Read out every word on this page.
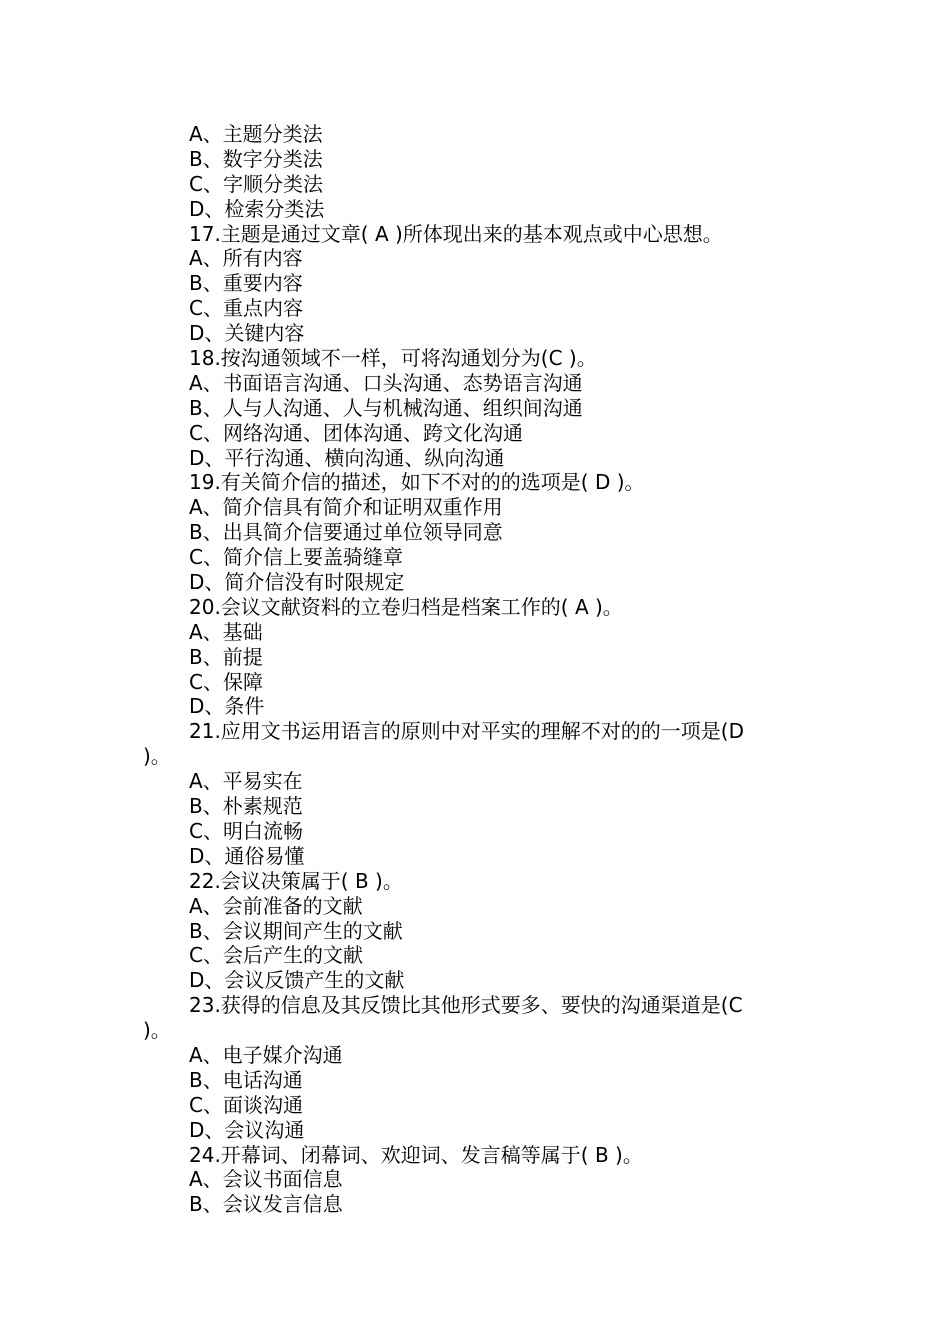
A、主题分类法
B、数字分类法
C、字顺分类法
D、检索分类法
17.主题是通过文章( A )所体现出来的基本观点或中心思想。
A、所有内容
B、重要内容
C、重点内容
D、关键内容
18.按沟通领域不一样，可将沟通划分为(C )。
A、书面语言沟通、口头沟通、态势语言沟通
B、人与人沟通、人与机械沟通、组织间沟通
C、网络沟通、团体沟通、跨文化沟通
D、平行沟通、横向沟通、纵向沟通
19.有关简介信的描述，如下不对的的选项是( D )。
A、简介信具有简介和证明双重作用
B、出具简介信要通过单位领导同意
C、简介信上要盖骑缝章
D、简介信没有时限规定
20.会议文献资料的立卷归档是档案工作的( A )。
A、基础
B、前提
C、保障
D、条件
21.应用文书运用语言的原则中对平实的理解不对的的一项是(D
)。
A、平易实在
B、朴素规范
C、明白流畅
D、通俗易懂
22.会议决策属于( B )。
A、会前准备的文献
B、会议期间产生的文献
C、会后产生的文献
D、会议反馈产生的文献
23.获得的信息及其反馈比其他形式要多、要快的沟通渠道是(C
)。
A、电子媒介沟通
B、电话沟通
C、面谈沟通
D、会议沟通
24.开幕词、闭幕词、欢迎词、发言稿等属于( B )。
A、会议书面信息
B、会议发言信息
